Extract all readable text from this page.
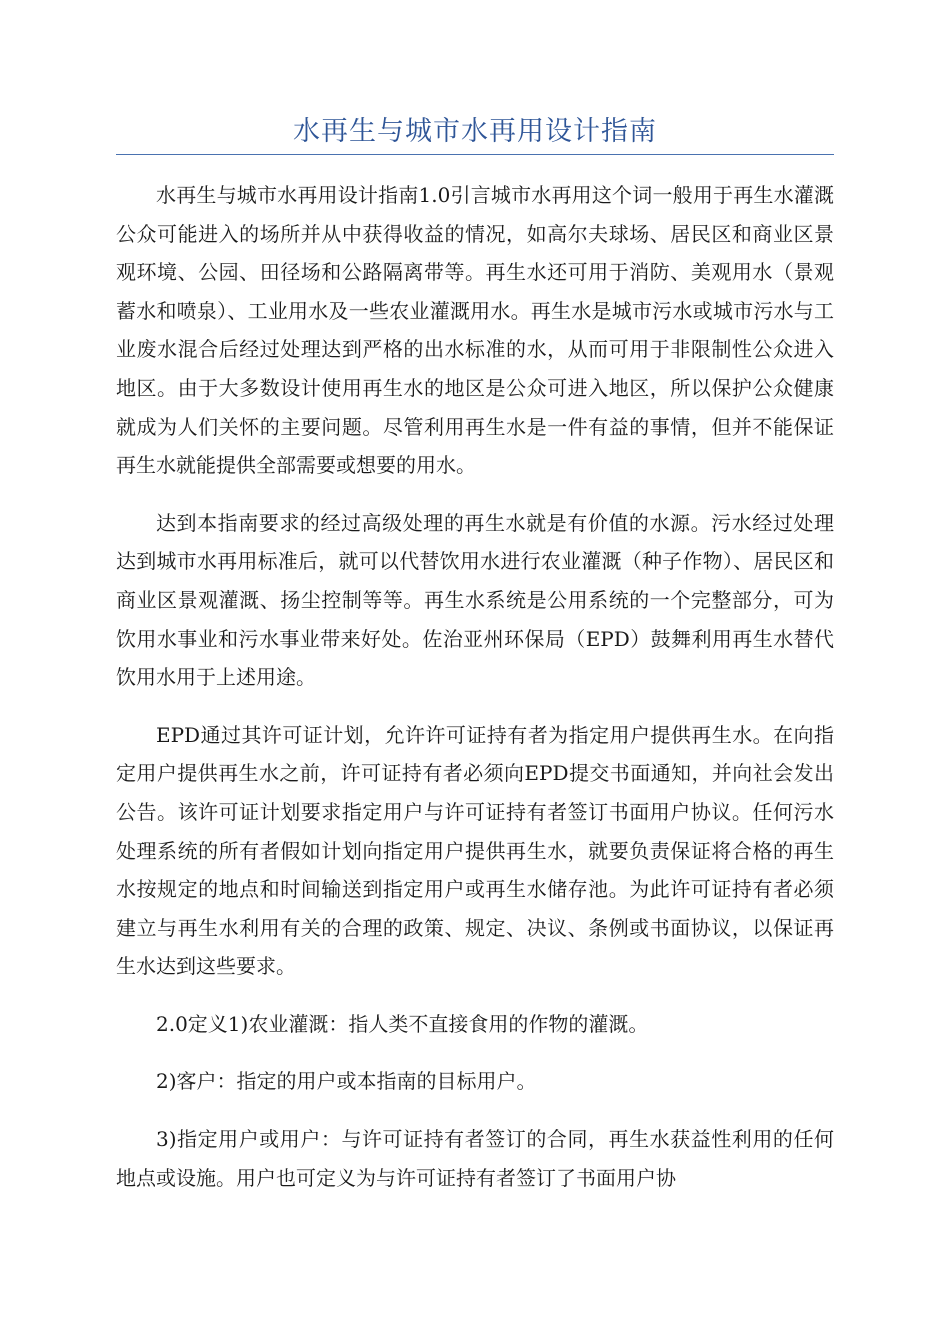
水再生与城市水再用设计指南

水再生与城市水再用设计指南1.0引言城市水再用这个词一般用于再生水灌溉公众可能进入的场所并从中获得收益的情况，如高尔夫球场、居民区和商业区景观环境、公园、田径场和公路隔离带等。再生水还可用于消防、美观用水（景观蓄水和喷泉）、工业用水及一些农业灌溉用水。再生水是城市污水或城市污水与工业废水混合后经过处理达到严格的出水标准的水，从而可用于非限制性公众进入地区。由于大多数设计使用再生水的地区是公众可进入地区，所以保护公众健康就成为人们关怀的主要问题。尽管利用再生水是一件有益的事情，但并不能保证再生水就能提供全部需要或想要的用水。

达到本指南要求的经过高级处理的再生水就是有价值的水源。污水经过处理达到城市水再用标准后，就可以代替饮用水进行农业灌溉（种子作物）、居民区和商业区景观灌溉、扬尘控制等等。再生水系统是公用系统的一个完整部分，可为饮用水事业和污水事业带来好处。佐治亚州环保局（EPD）鼓舞利用再生水替代饮用水用于上述用途。

EPD通过其许可证计划，允许许可证持有者为指定用户提供再生水。在向指定用户提供再生水之前，许可证持有者必须向EPD提交书面通知，并向社会发出公告。该许可证计划要求指定用户与许可证持有者签订书面用户协议。任何污水处理系统的所有者假如计划向指定用户提供再生水，就要负责保证将合格的再生水按规定的地点和时间输送到指定用户或再生水储存池。为此许可证持有者必须建立与再生水利用有关的合理的政策、规定、决议、条例或书面协议，以保证再生水达到这些要求。

2.0定义1)农业灌溉：指人类不直接食用的作物的灌溉。

2)客户：指定的用户或本指南的目标用户。

3)指定用户或用户：与许可证持有者签订的合同，再生水获益性利用的任何地点或设施。用户也可定义为与许可证持有者签订了书面用户协
